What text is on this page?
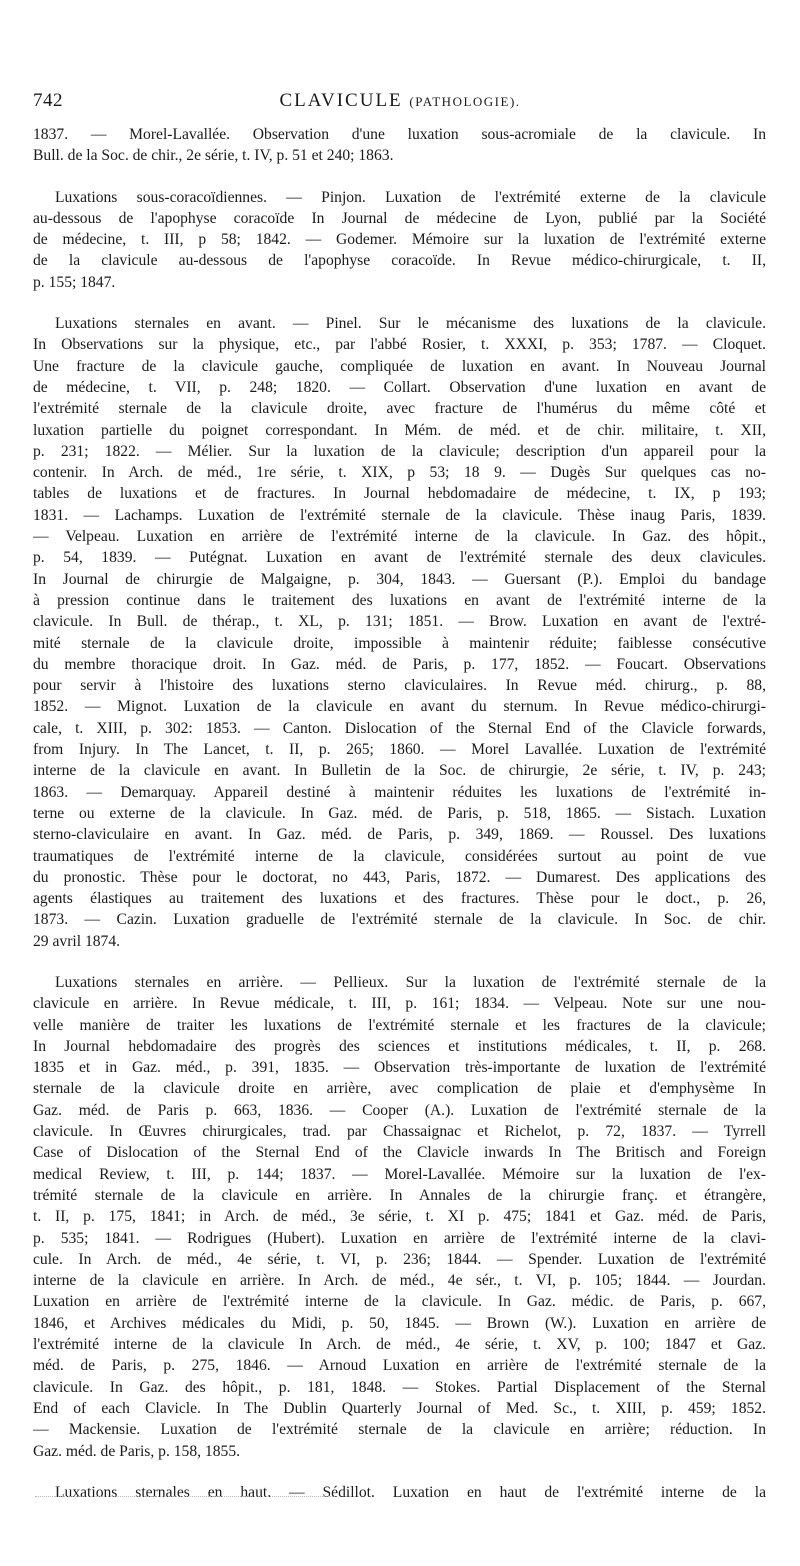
742	CLAVICULE (PATHOLOGIE).
1837. — Morel-Lavallée. Observation d'une luxation sous-acromiale de la clavicule. In
Bull. de la Soc. de chir., 2e série, t. IV, p. 51 et 240; 1863.
Luxations sous-coracoïdiennes. — Pinjon. Luxation de l'extrémité externe de la clavicule
au-dessous de l'apophyse coracoïde In Journal de médecine de Lyon, publié par la Société
de médecine, t. III, p 58; 1842. — Godemer. Mémoire sur la luxation de l'extrémité externe
de la clavicule au-dessous de l'apophyse coracoïde. In Revue médico-chirurgicale, t. II,
p. 155; 1847.
Luxations sternales en avant. — Pinel. Sur le mécanisme des luxations de la clavicule.
In Observations sur la physique, etc., par l'abbé Rosier, t. XXXI, p. 353; 1787. — Cloquet.
Une fracture de la clavicule gauche, compliquée de luxation en avant. In Nouveau Journal
de médecine, t. VII, p. 248; 1820. — Collart. Observation d'une luxation en avant de
l'extrémité sternale de la clavicule droite, avec fracture de l'humérus du même côté et
luxation partielle du poignet correspondant. In Mém. de méd. et de chir. militaire, t. XII,
p. 231; 1822. — Mélier. Sur la luxation de la clavicule; description d'un appareil pour la
contenir. In Arch. de méd., 1re série, t. XIX, p 53; 18 9. — Dugès Sur quelques cas no-
tables de luxations et de fractures. In Journal hebdomadaire de médecine, t. IX, p 193;
1831. — Lachamps. Luxation de l'extrémité sternale de la clavicule. Thèse inaug Paris, 1839.
— Velpeau. Luxation en arrière de l'extrémité interne de la clavicule. In Gaz. des hôpit.,
p. 54, 1839. — Putégnat. Luxation en avant de l'extrémité sternale des deux clavicules.
In Journal de chirurgie de Malgaigne, p. 304, 1843. — Guersant (P.). Emploi du bandage
à pression continue dans le traitement des luxations en avant de l'extrémité interne de la
clavicule. In Bull. de thérap., t. XL, p. 131; 1851. — Brow. Luxation en avant de l'extré-
mité sternale de la clavicule droite, impossible à maintenir réduite; faiblesse consécutive
du membre thoracique droit. In Gaz. méd. de Paris, p. 177, 1852. — Foucart. Observations
pour servir à l'histoire des luxations sterno claviculaires. In Revue méd. chirurg., p. 88,
1852. — Mignot. Luxation de la clavicule en avant du sternum. In Revue médico-chirurgi-
cale, t. XIII, p. 302: 1853. — Canton. Dislocation of the Sternal End of the Clavicle forwards,
from Injury. In The Lancet, t. II, p. 265; 1860. — Morel Lavallée. Luxation de l'extrémité
interne de la clavicule en avant. In Bulletin de la Soc. de chirurgie, 2e série, t. IV, p. 243;
1863. — Demarquay. Appareil destiné à maintenir réduites les luxations de l'extrémité in-
terne ou externe de la clavicule. In Gaz. méd. de Paris, p. 518, 1865. — Sistach. Luxation
sterno-claviculaire en avant. In Gaz. méd. de Paris, p. 349, 1869. — Roussel. Des luxations
traumatiques de l'extrémité interne de la clavicule, considérées surtout au point de vue
du pronostic. Thèse pour le doctorat, no 443, Paris, 1872. — Dumarest. Des applications des
agents élastiques au traitement des luxations et des fractures. Thèse pour le doct., p. 26,
1873. — Cazin. Luxation graduelle de l'extrémité sternale de la clavicule. In Soc. de chir.
29 avril 1874.
Luxations sternales en arrière. — Pellieux. Sur la luxation de l'extrémité sternale de la
clavicule en arrière. In Revue médicale, t. III, p. 161; 1834. — Velpeau. Note sur une nou-
velle manière de traiter les luxations de l'extrémité sternale et les fractures de la clavicule;
In Journal hebdomadaire des progrès des sciences et institutions médicales, t. II, p. 268.
1835 et in Gaz. méd., p. 391, 1835. — Observation très-importante de luxation de l'extrémité
sternale de la clavicule droite en arrière, avec complication de plaie et d'emphysème In
Gaz. méd. de Paris p. 663, 1836. — Cooper (A.). Luxation de l'extrémité sternale de la
clavicule. In Œuvres chirurgicales, trad. par Chassaignac et Richelot, p. 72, 1837. — Tyrrell
Case of Dislocation of the Sternal End of the Clavicle inwards In The Britisch and Foreign
medical Review, t. III, p. 144; 1837. — Morel-Lavallée. Mémoire sur la luxation de l'ex-
trémité sternale de la clavicule en arrière. In Annales de la chirurgie franç. et étrangère,
t. II, p. 175, 1841; in Arch. de méd., 3e série, t. XI p. 475; 1841 et Gaz. méd. de Paris,
p. 535; 1841. — Rodrigues (Hubert). Luxation en arrière de l'extrémité interne de la clavi-
cule. In Arch. de méd., 4e série, t. VI, p. 236; 1844. — Spender. Luxation de l'extrémité
interne de la clavicule en arrière. In Arch. de méd., 4e sér., t. VI, p. 105; 1844. — Jourdan.
Luxation en arrière de l'extrémité interne de la clavicule. In Gaz. médic. de Paris, p. 667,
1846, et Archives médicales du Midi, p. 50, 1845. — Brown (W.). Luxation en arrière de
l'extrémité interne de la clavicule In Arch. de méd., 4e série, t. XV, p. 100; 1847 et Gaz.
méd. de Paris, p. 275, 1846. — Arnoud Luxation en arrière de l'extrémité sternale de la
clavicule. In Gaz. des hôpit., p. 181, 1848. — Stokes. Partial Displacement of the Sternal
End of each Clavicle. In The Dublin Quarterly Journal of Med. Sc., t. XIII, p. 459; 1852.
— Mackensie. Luxation de l'extrémité sternale de la clavicule en arrière; réduction. In
Gaz. méd. de Paris, p. 158, 1855.
Luxations sternales en haut. — Sédillot. Luxation en haut de l'extrémité interne de la
